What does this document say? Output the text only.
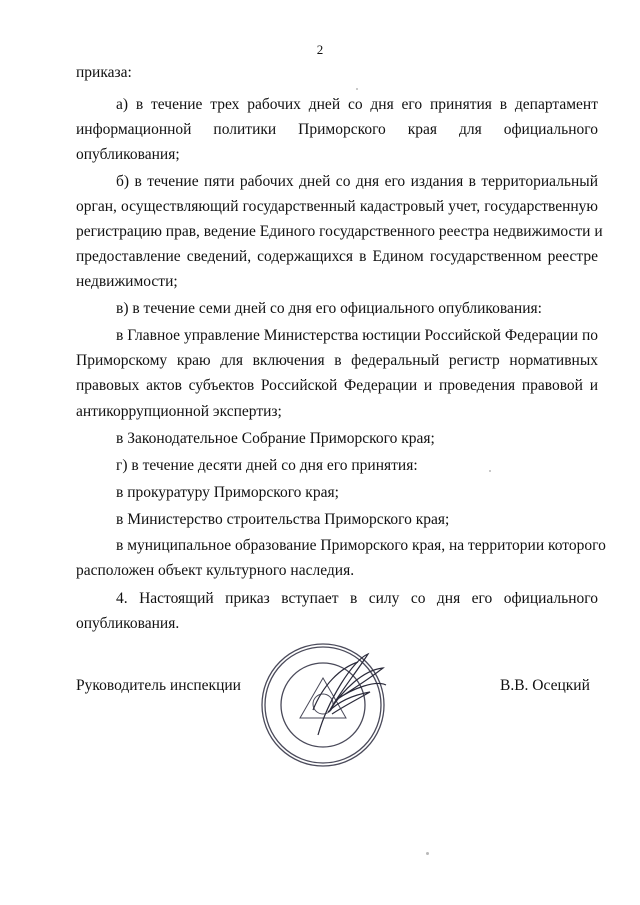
2
приказа:
а) в течение трех рабочих дней со дня его принятия в департамент
информационной политики Приморского края для официального
опубликования;
б) в течение пяти рабочих дней со дня его издания в территориальный
орган, осуществляющий государственный кадастровый учет, государственную
регистрацию прав, ведение Единого государственного реестра недвижимости и
предоставление сведений, содержащихся в Едином государственном реестре
недвижимости;
в) в течение семи дней со дня его официального опубликования:
в Главное управление Министерства юстиции Российской Федерации по
Приморскому краю для включения в федеральный регистр нормативных
правовых актов субъектов Российской Федерации и проведения правовой и
антикоррупционной экспертиз;
в Законодательное Собрание Приморского края;
г) в течение десяти дней со дня его принятия:
в прокуратуру Приморского края;
в Министерство строительства Приморского края;
в муниципальное образование Приморского края, на территории которого
расположен объект культурного наследия.
4. Настоящий приказ вступает в силу со дня его официального
опубликования.
Руководитель инспекции	В.В. Осецкий
